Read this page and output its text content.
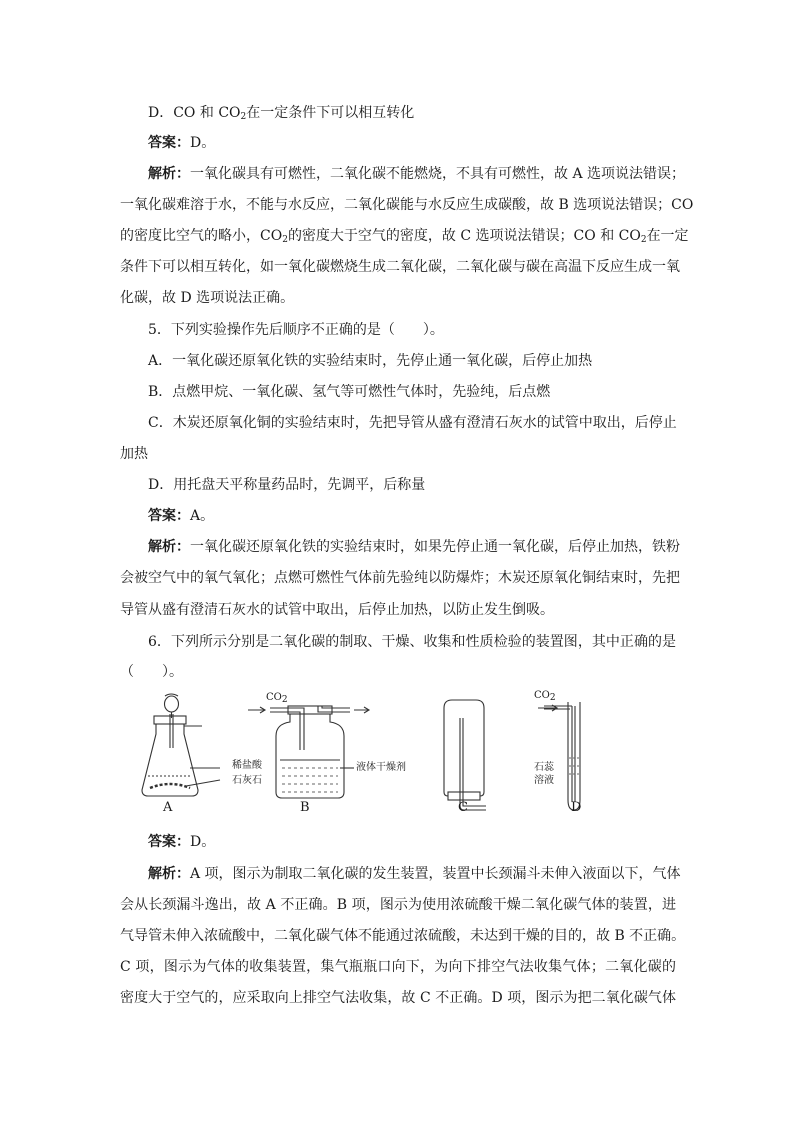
D．CO 和 $CO_2$在一定条件下可以相互转化
答案：D。
解析：一氧化碳具有可燃性，二氧化碳不能燃烧，不具有可燃性，故 A 选项说法错误；
一氧化碳难溶于水，不能与水反应，二氧化碳能与水反应生成碳酸，故 B 选项说法错误；CO
的密度比空气的略小，$CO_2$的密度大于空气的密度，故 C 选项说法错误；CO 和 $CO_2$在一定
条件下可以相互转化，如一氧化碳燃烧生成二氧化碳，二氧化碳与碳在高温下反应生成一氧
化碳，故 D 选项说法正确。
5．下列实验操作先后顺序不正确的是（　　）。
A．一氧化碳还原氧化铁的实验结束时，先停止通一氧化碳，后停止加热
B．点燃甲烷、一氧化碳、氢气等可燃性气体时，先验纯，后点燃
C．木炭还原氧化铜的实验结束时，先把导管从盛有澄清石灰水的试管中取出，后停止
加热
D．用托盘天平称量药品时，先调平，后称量
答案：A。
解析：一氧化碳还原氧化铁的实验结束时，如果先停止通一氧化碳，后停止加热，铁粉
会被空气中的氧气氧化；点燃可燃性气体前先验纯以防爆炸；木炭还原氧化铜结束时，先把
导管从盛有澄清石灰水的试管中取出，后停止加热，以防止发生倒吸。
6．下列所示分别是二氧化碳的制取、干燥、收集和性质检验的装置图，其中正确的是
（　　）。
稀盐酸
石灰石
$CO_2$
液体干燥剂
$CO_2$
石蕊
溶液
A	B	C	D
答案：D。
解析：A 项，图示为制取二氧化碳的发生装置，装置中长颈漏斗未伸入液面以下，气体
会从长颈漏斗逸出，故 A 不正确。B 项，图示为使用浓硫酸干燥二氧化碳气体的装置，进
气导管未伸入浓硫酸中，二氧化碳气体不能通过浓硫酸，未达到干燥的目的，故 B 不正确。
C 项，图示为气体的收集装置，集气瓶瓶口向下，为向下排空气法收集气体；二氧化碳的
密度大于空气的，应采取向上排空气法收集，故 C 不正确。D 项，图示为把二氧化碳气体
